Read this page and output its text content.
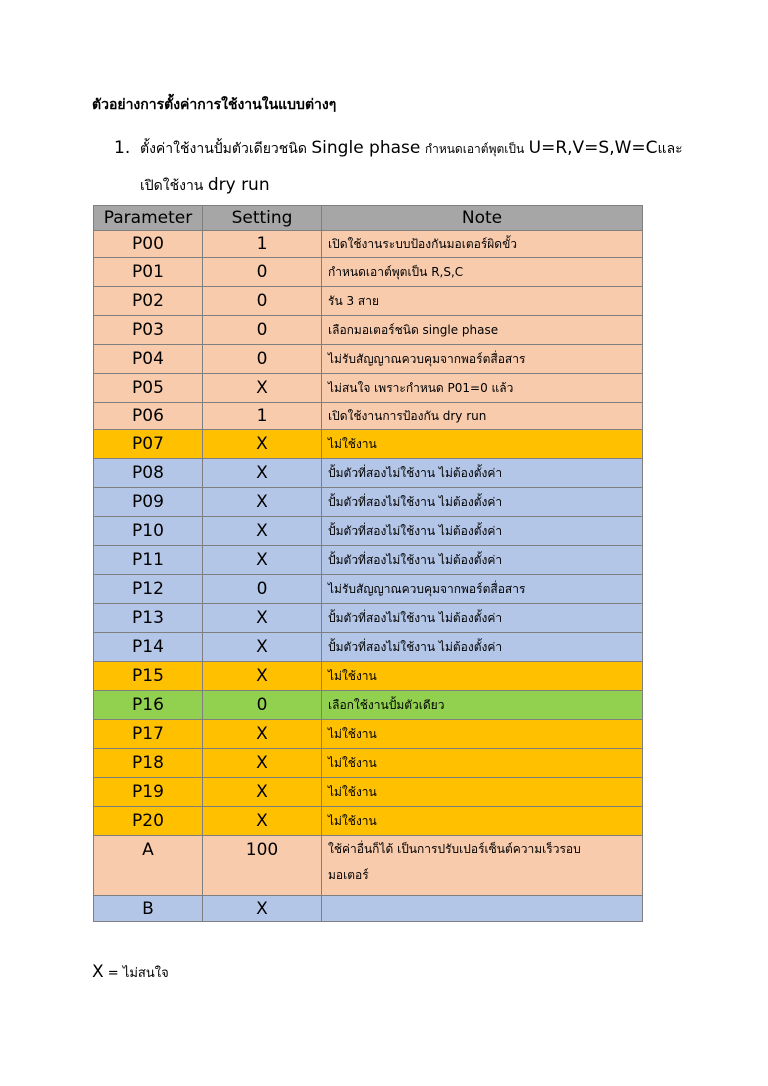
ตัวอย่างการตั้งค่าการใช้งานในแบบต่างๆ
1. ตั้งค่าใช้งานปั้มตัวเดียวชนิด Single phase กำหนดเอาต์พุตเป็น U=R,V=S,W=Cและ
เปิดใช้งาน dry run
Parameter	Setting	Note
P00	1	เปิดใช้งานระบบป้องกันมอเตอร์ผิดขั้ว
P01	0	กำหนดเอาต์พุตเป็น R,S,C
P02	0	รัน 3 สาย
P03	0	เลือกมอเตอร์ชนิด single phase
P04	0	ไม่รับสัญญาณควบคุมจากพอร์ตสื่อสาร
P05	X	ไม่สนใจ เพราะกำหนด P01=0 แล้ว
P06	1	เปิดใช้งานการป้องกัน dry run
P07	X	ไม่ใช้งาน
P08	X	ปั้มตัวที่สองไม่ใช้งาน ไม่ต้องตั้งค่า
P09	X	ปั้มตัวที่สองไม่ใช้งาน ไม่ต้องตั้งค่า
P10	X	ปั้มตัวที่สองไม่ใช้งาน ไม่ต้องตั้งค่า
P11	X	ปั้มตัวที่สองไม่ใช้งาน ไม่ต้องตั้งค่า
P12	0	ไม่รับสัญญาณควบคุมจากพอร์ตสื่อสาร
P13	X	ปั้มตัวที่สองไม่ใช้งาน ไม่ต้องตั้งค่า
P14	X	ปั้มตัวที่สองไม่ใช้งาน ไม่ต้องตั้งค่า
P15	X	ไม่ใช้งาน
P16	0	เลือกใช้งานปั้มตัวเดียว
P17	X	ไม่ใช้งาน
P18	X	ไม่ใช้งาน
P19	X	ไม่ใช้งาน
P20	X	ไม่ใช้งาน
A	100	ใช้ค่าอื่นก็ได้ เป็นการปรับเปอร์เซ็นต์ความเร็วรอบ
มอเตอร์
B	X	
X = ไม่สนใจ
